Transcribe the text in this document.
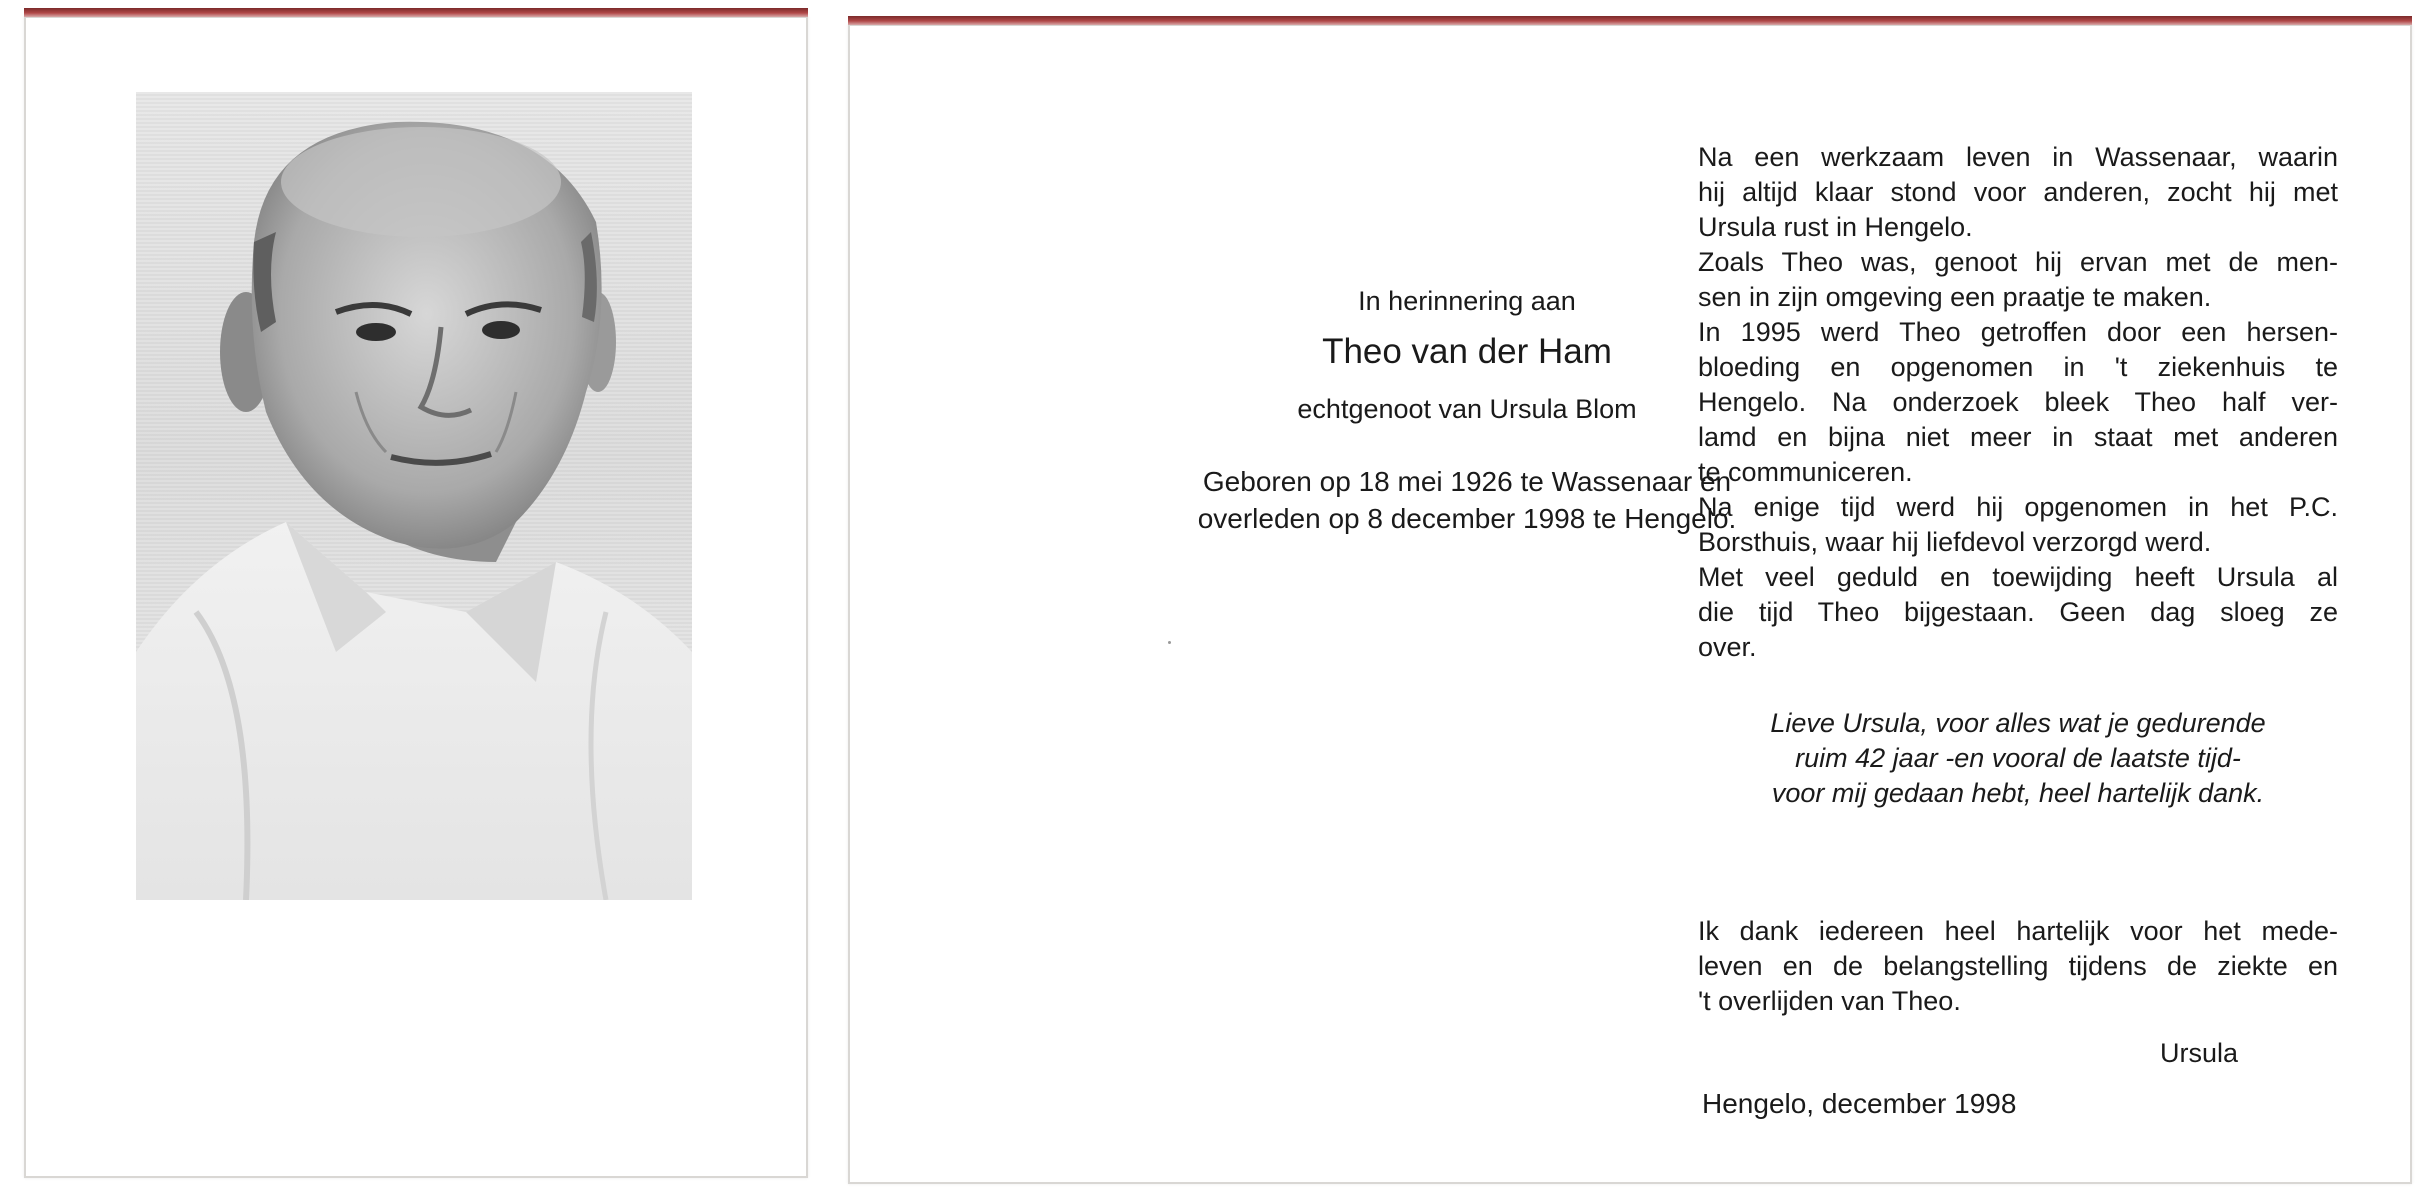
In herinnering aan
Theo van der Ham
echtgenoot van Ursula Blom
Geboren op 18 mei 1926 te Wassenaar en
overleden op 8 december 1998 te Hengelo.
Na een werkzaam leven in Wassenaar, waarin
hij altijd klaar stond voor anderen, zocht hij met
Ursula rust in Hengelo.
Zoals Theo was, genoot hij ervan met de men-
sen in zijn omgeving een praatje te maken.
In 1995 werd Theo getroffen door een hersen-
bloeding en opgenomen in 't ziekenhuis te
Hengelo. Na onderzoek bleek Theo half ver-
lamd en bijna niet meer in staat met anderen
te communiceren.
Na enige tijd werd hij opgenomen in het P.C.
Borsthuis, waar hij liefdevol verzorgd werd.
Met veel geduld en toewijding heeft Ursula al
die tijd Theo bijgestaan. Geen dag sloeg ze
over.
Lieve Ursula, voor alles wat je gedurende
ruim 42 jaar -en vooral de laatste tijd-
voor mij gedaan hebt, heel hartelijk dank.
Ik dank iedereen heel hartelijk voor het mede-
leven en de belangstelling tijdens de ziekte en
't overlijden van Theo.
Ursula
Hengelo, december 1998
